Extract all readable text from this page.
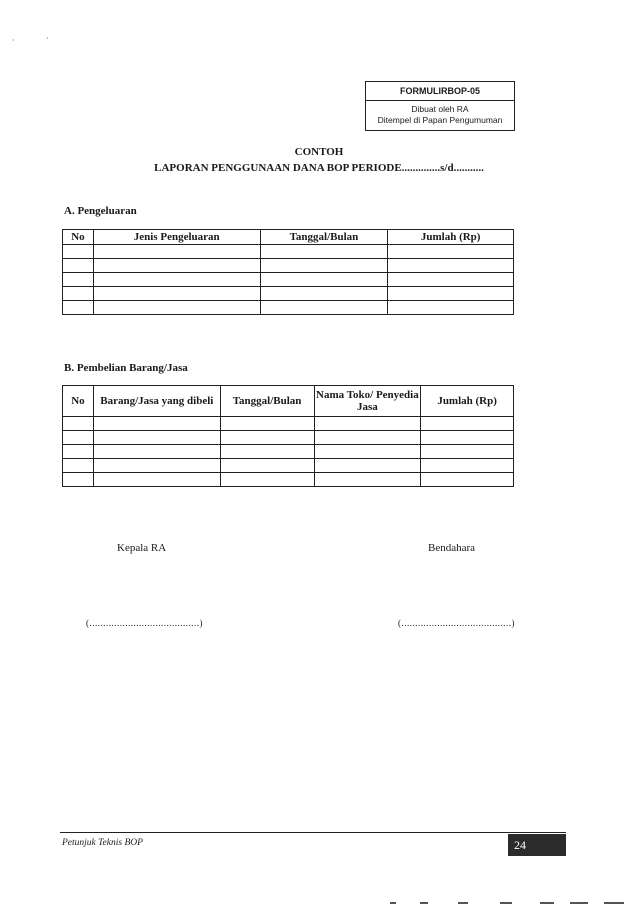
·	·
FORMULIRBOP-05
Dibuat oleh RA
Ditempel di Papan Pengumuman
CONTOH
LAPORAN PENGGUNAAN DANA BOP PERIODE..............s/d...........
A. Pengeluaran
No	Jenis Pengeluaran	Tanggal/Bulan	Jumlah (Rp)

B. Pembelian Barang/Jasa
No	Barang/Jasa yang dibeli	Tanggal/Bulan	Nama Toko/ Penyedia Jasa	Jumlah (Rp)

Kepala RA	Bendahara
(........................................)	(........................................)
Petunjuk Teknis BOP	24
